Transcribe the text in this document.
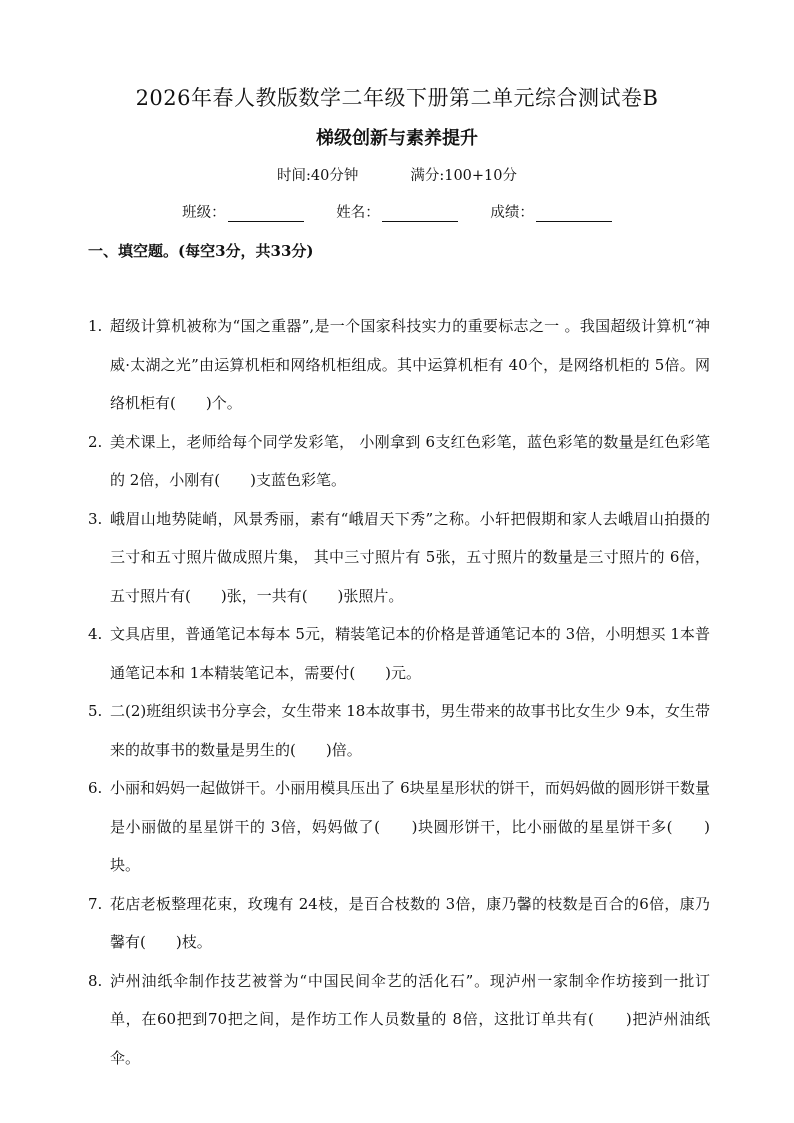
2026年春人教版数学二年级下册第二单元综合测试卷B
梯级创新与素养提升
时间:40分钟	满分:100+10分
班级：	姓名：	成绩：
一、填空题。(每空3分，共33分)
1. 超级计算机被称为“国之重器”,是一个国家科技实力的重要标志之一 。我国超级计算机“神威·太湖之光”由运算机柜和网络机柜组成。其中运算机柜有 40个，是网络机柜的 5倍。网络机柜有(　　)个。
2. 美术课上，老师给每个同学发彩笔， 小刚拿到 6支红色彩笔，蓝色彩笔的数量是红色彩笔的 2倍，小刚有(　　)支蓝色彩笔。
3. 峨眉山地势陡峭，风景秀丽，素有“峨眉天下秀”之称。小轩把假期和家人去峨眉山拍摄的三寸和五寸照片做成照片集， 其中三寸照片有 5张，五寸照片的数量是三寸照片的 6倍，五寸照片有(　　)张，一共有(　　)张照片。
4. 文具店里，普通笔记本每本 5元，精装笔记本的价格是普通笔记本的 3倍，小明想买 1本普通笔记本和 1本精装笔记本，需要付(　　)元。
5. 二(2)班组织读书分享会，女生带来 18本故事书，男生带来的故事书比女生少 9本，女生带来的故事书的数量是男生的(　　)倍。
6. 小丽和妈妈一起做饼干。小丽用模具压出了 6块星星形状的饼干，而妈妈做的圆形饼干数量是小丽做的星星饼干的 3倍，妈妈做了(　　)块圆形饼干，比小丽做的星星饼干多(　　)块。
7. 花店老板整理花束，玫瑰有 24枝，是百合枝数的 3倍，康乃馨的枝数是百合的6倍，康乃馨有(　　)枝。
8. 泸州油纸伞制作技艺被誉为“中国民间伞艺的活化石”。现泸州一家制伞作坊接到一批订单，在60把到70把之间，是作坊工作人员数量的 8倍，这批订单共有(　　)把泸州油纸伞。
